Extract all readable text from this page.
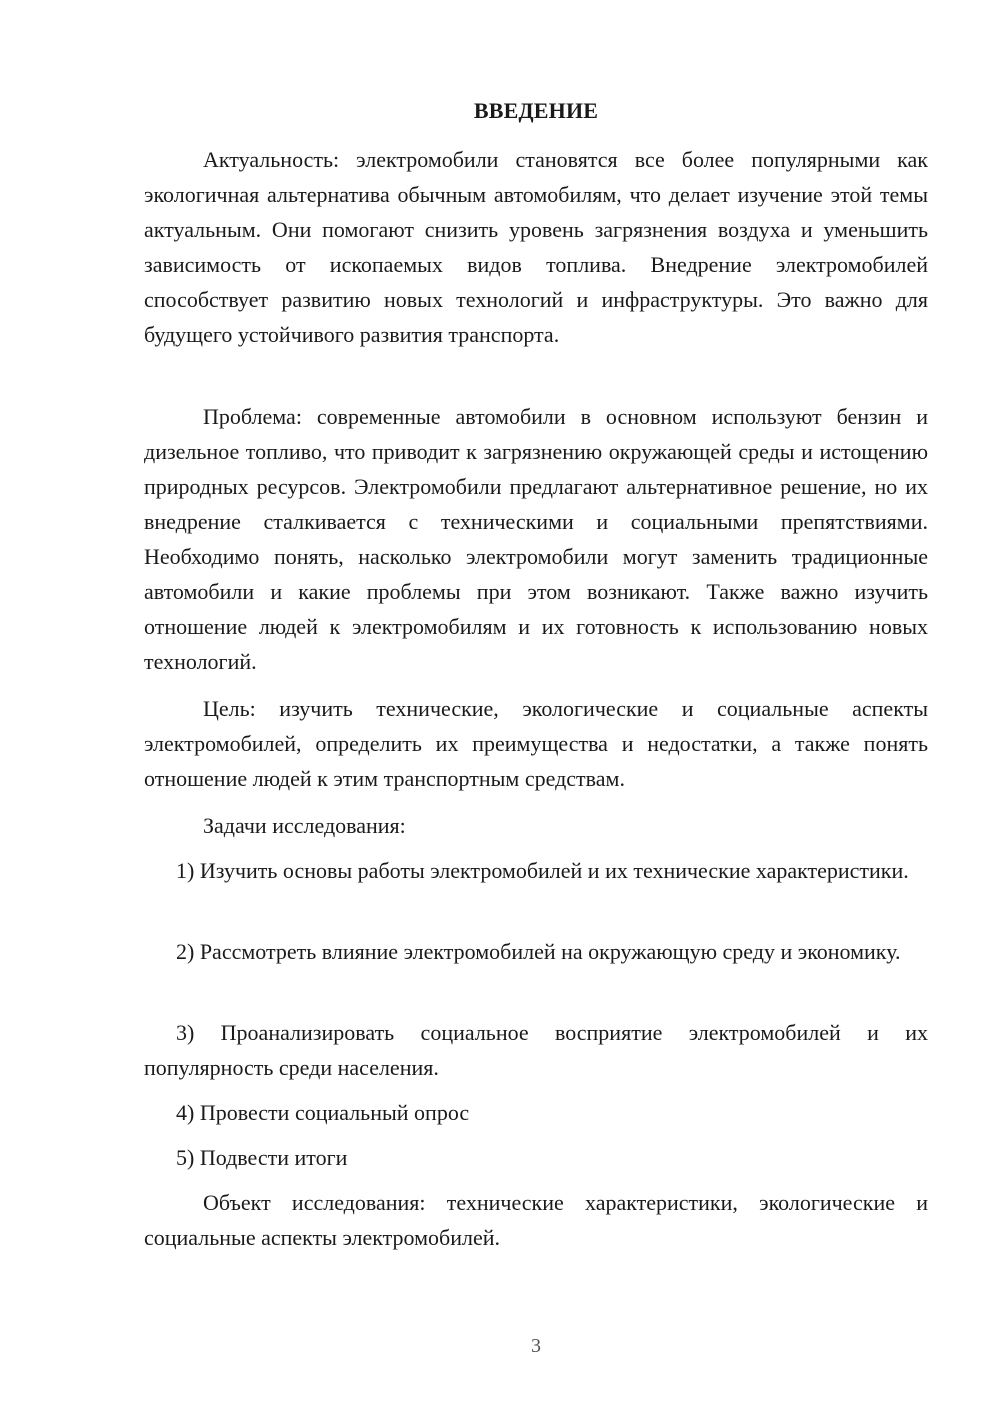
ВВЕДЕНИЕ

Актуальность: электромобили становятся все более популярными как экологичная альтернатива обычным автомобилям, что делает изучение этой темы актуальным. Они помогают снизить уровень загрязнения воздуха и уменьшить зависимость от ископаемых видов топлива. Внедрение электромобилей способствует развитию новых технологий и инфраструктуры. Это важно для будущего устойчивого развития транспорта.

Проблема: современные автомобили в основном используют бензин и дизельное топливо, что приводит к загрязнению окружающей среды и истощению природных ресурсов. Электромобили предлагают альтернативное решение, но их внедрение сталкивается с техническими и социальными препятствиями. Необходимо понять, насколько электромобили могут заменить традиционные автомобили и какие проблемы при этом возникают. Также важно изучить отношение людей к электромобилям и их готовность к использованию новых технологий.

Цель: изучить технические, экологические и социальные аспекты электромобилей, определить их преимущества и недостатки, а также понять отношение людей к этим транспортным средствам.

Задачи исследования:

1) Изучить основы работы электромобилей и их технические характеристики.

2) Рассмотреть влияние электромобилей на окружающую среду и экономику.

3) Проанализировать социальное восприятие электромобилей и их популярность среди населения.

4) Провести социальный опрос

5) Подвести итоги

Объект исследования: технические характеристики, экологические и социальные аспекты электромобилей.

3
